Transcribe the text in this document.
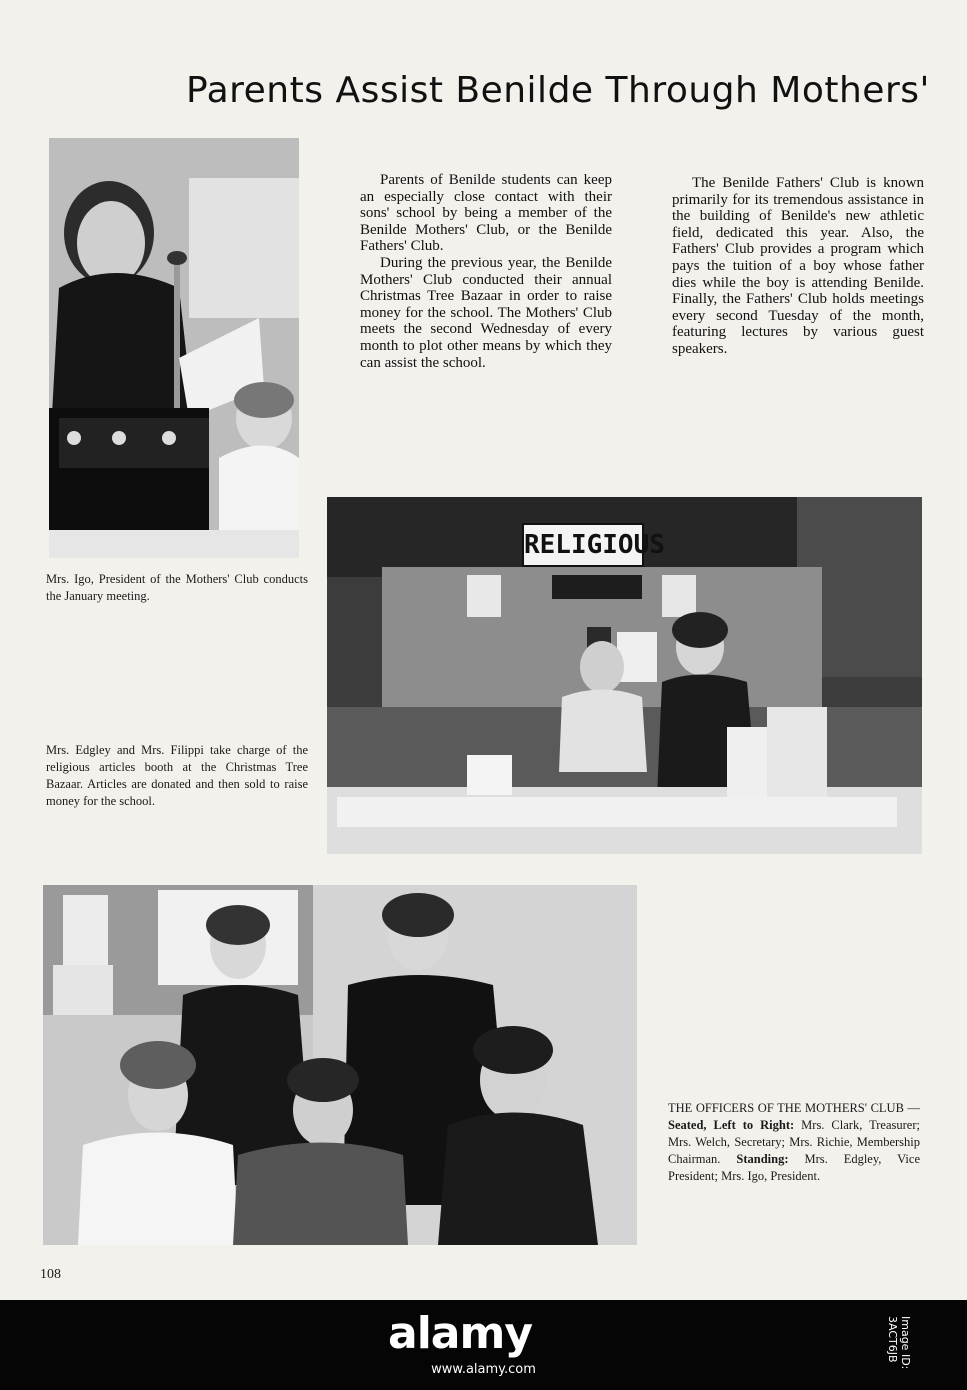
Parents Assist Benilde Through Mothers'
Mrs. Igo, President of the Mothers' Club conducts the January meeting.

Parents of Benilde students can keep an especially close contact with their sons' school by being a member of the Benilde Mothers' Club, or the Benilde Fathers' Club.

During the previous year, the Benilde Mothers' Club conducted their annual Christmas Tree Bazaar in order to raise money for the school. The Mothers' Club meets the second Wednesday of every month to plot other means by which they can assist the school.

The Benilde Fathers' Club is known primarily for its tremendous assistance in the building of Benilde's new athletic field, dedicated this year. Also, the Fathers' Club provides a program which pays the tuition of a boy whose father dies while the boy is attending Benilde. Finally, the Fathers' Club holds meetings every second Tuesday of the month, featuring lectures by various guest speakers.

RELIGIOUS
Mrs. Edgley and Mrs. Filippi take charge of the religious articles booth at the Christmas Tree Bazaar. Articles are donated and then sold to raise money for the school.
THE OFFICERS OF THE MOTHERS' CLUB — Seated, Left to Right: Mrs. Clark, Treasurer; Mrs. Welch, Secretary; Mrs. Richie, Membership Chairman. Standing: Mrs. Edgley, Vice President; Mrs. Igo, President.
108
alamy	Image ID: 3ACT6JB
www.alamy.com
